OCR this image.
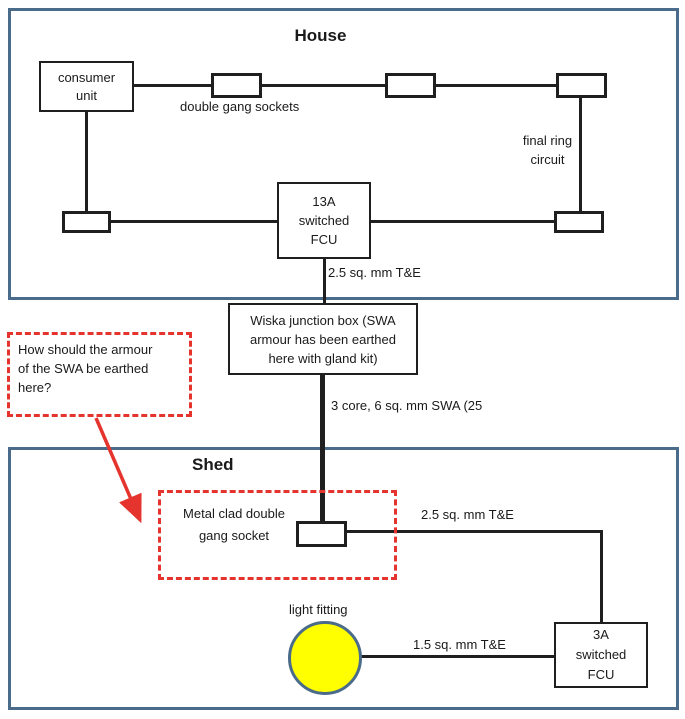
House
Shed
consumer
unit
double gang sockets
final ring
circuit
13A
switched
FCU
2.5 sq. mm T&E
Wiska junction box (SWA
armour has been earthed
here with gland kit)
3 core, 6 sq. mm SWA (25
How should the armour
of the SWA be earthed
here?
Metal clad double
gang socket
2.5 sq. mm T&E
light fitting
1.5 sq. mm T&E
3A
switched
FCU
